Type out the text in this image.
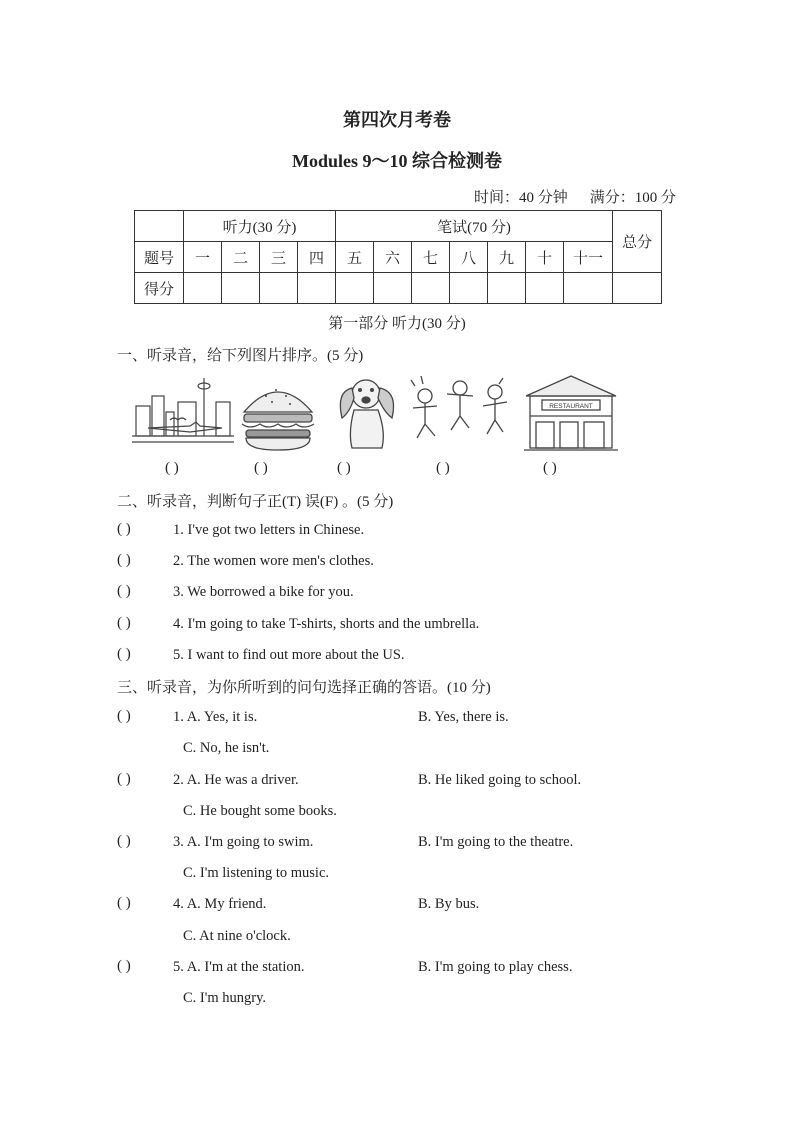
第四次月考卷
Modules 9～10 综合检测卷
时间：40 分钟 满分：100 分
	听力(30 分)				笔试(70 分)							总分
题号	一	二	三	四	五	六	七	八	九	十	十一	
得分												
第一部分 听力(30 分)
一、听录音，给下列图片排序。(5 分)
RESTAURANT
( )	( )	( )	( )	( )
二、听录音，判断句子正(T) 误(F) 。(5 分)
( )	1. I've got two letters in Chinese.
( )	2. The women wore men's clothes.
( )	3. We borrowed a bike for you.
( )	4. I'm going to take T-shirts, shorts and the umbrella.
( )	5. I want to find out more about the US.
三、听录音，为你所听到的问句选择正确的答语。(10 分)
( )	1. A. Yes, it is.	B. Yes, there is.
C. No, he isn't.
( )	2. A. He was a driver.	B. He liked going to school.
C. He bought some books.
( )	3. A. I'm going to swim.	B. I'm going to the theatre.
C. I'm listening to music.
( )	4. A. My friend.	B. By bus.
C. At nine o'clock.
( )	5. A. I'm at the station.	B. I'm going to play chess.
C. I'm hungry.
